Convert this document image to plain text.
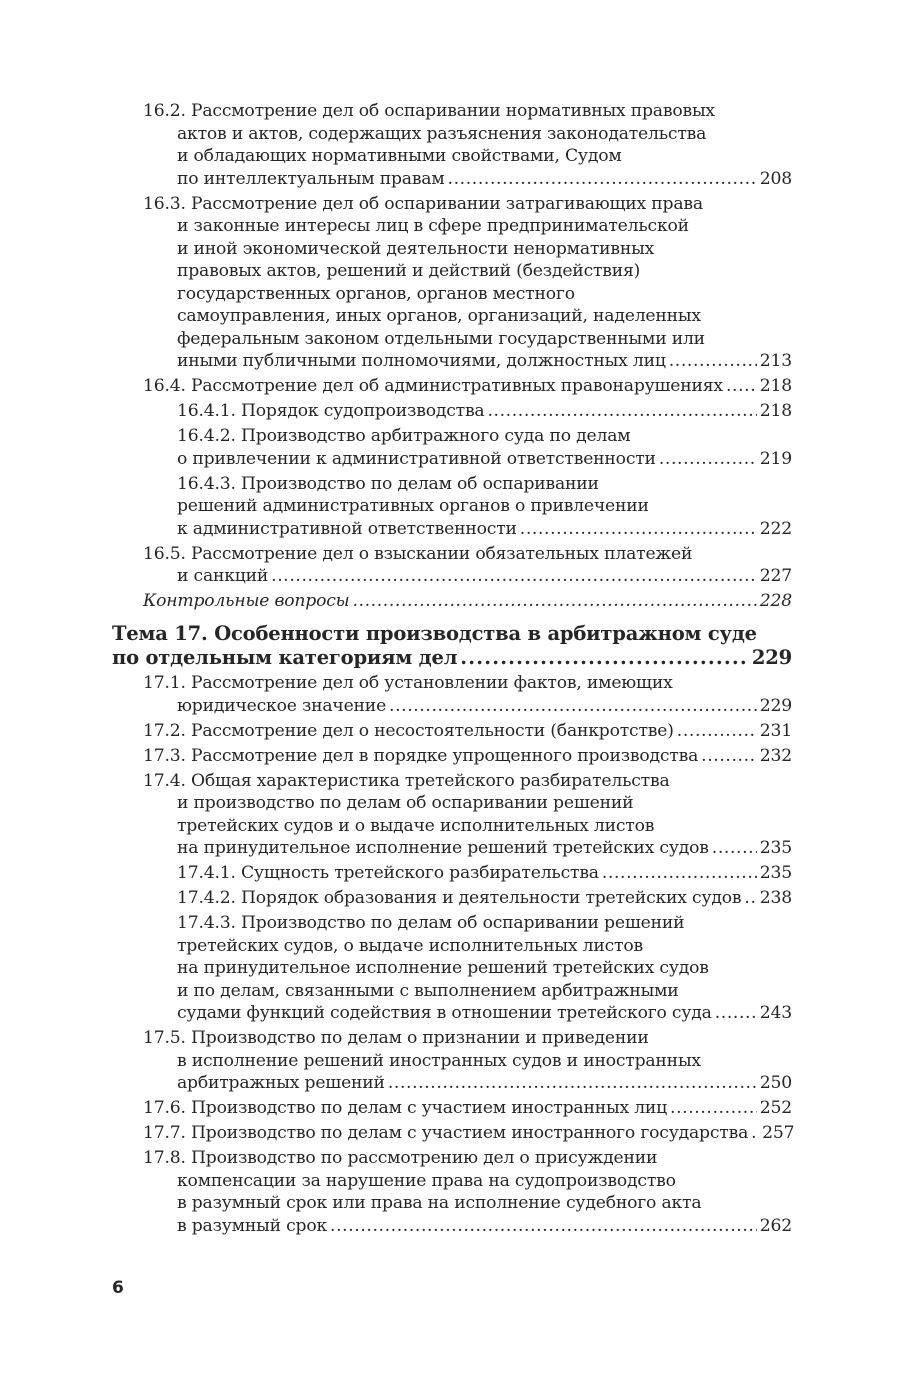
16.2. Рассмотрение дел об оспаривании нормативных правовых
актов и актов, содержащих разъяснения законодательства
и обладающих нормативными свойствами, Судом
по интеллектуальным правам .....	208
16.3. Рассмотрение дел об оспаривании затрагивающих права
и законные интересы лиц в сфере предпринимательской
и иной экономической деятельности ненормативных
правовых актов, решений и действий (бездействия)
государственных органов, органов местного
самоуправления, иных органов, организаций, наделенных
федеральным законом отдельными государственными или
иными публичными полномочиями, должностных лиц .....	213
16.4. Рассмотрение дел об административных правонарушениях ..... 218
16.4.1. Порядок судопроизводства .....	218
16.4.2. Производство арбитражного суда по делам
о привлечении к административной ответственности .....	219
16.4.3. Производство по делам об оспаривании
решений административных органов о привлечении
к административной ответственности .....	222
16.5. Рассмотрение дел о взыскании обязательных платежей
и санкций .....	227
Контрольные вопросы .....	228
Тема 17. Особенности производства в арбитражном суде
по отдельным категориям дел .....	229
17.1. Рассмотрение дел об установлении фактов, имеющих
юридическое значение .....	229
17.2. Рассмотрение дел о несостоятельности (банкротстве) .....	231
17.3. Рассмотрение дел в порядке упрощенного производства .....	232
17.4. Общая характеристика третейского разбирательства
и производство по делам об оспаривании решений
третейских судов и о выдаче исполнительных листов
на принудительное исполнение решений третейских судов .....	235
17.4.1. Сущность третейского разбирательства .....	235
17.4.2. Порядок образования и деятельности третейских судов ..... 238
17.4.3. Производство по делам об оспаривании решений
третейских судов, о выдаче исполнительных листов
на принудительное исполнение решений третейских судов
и по делам, связанными с выполнением арбитражными
судами функций содействия в отношении третейского суда .....	243
17.5. Производство по делам о признании и приведении
в исполнение решений иностранных судов и иностранных
арбитражных решений .....	250
17.6. Производство по делам с участием иностранных лиц .....	252
17.7. Производство по делам с участием иностранного государства ..... 257
17.8. Производство по рассмотрению дел о присуждении
компенсации за нарушение права на судопроизводство
в разумный срок или права на исполнение судебного акта
в разумный срок .....	262
6
